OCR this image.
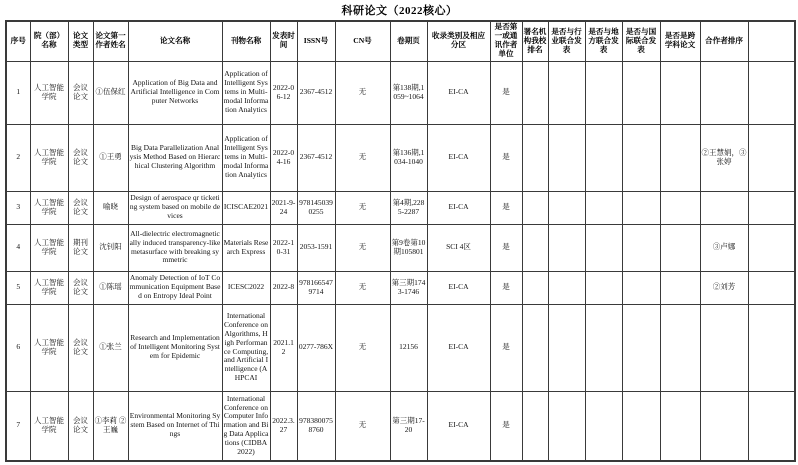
科研论文（2022核心）
序号	院（部）名称	论文类型	论文第一作者姓名	论文名称	刊物名称	发表时间	ISSN号	CN号	卷期页	收录类别及相应分区	是否第一或通讯作者单位	署名机构我校排名	是否与行业联合发表	是否与地方联合发表	是否与国际联合发表	是否是跨学科论文	合作者排序	
1	人工智能学院	会议论文	①伍保红	Application of Big Data and Artificial Intelligence in Computer Networks	Application of Intelligent Systems in Multi-modal Information Analytics	2022-06-12	2367-4512	无	第138期,1059~1064	EI-CA	是							
2	人工智能学院	会议论文	①王勇	Big Data Parallelization Analysis Method Based on Hierarchical Clustering Algorithm	Application of Intelligent Systems in Multi-modal Information Analytics	2022-04-16	2367-4512	无	第136期,1034-1040	EI-CA	是						②王慧娟，③张婷	
3	人工智能学院	会议论文	喻晓	Design of aerospace qr ticketing system based on mobile devices	ICISCAE2021	2021-9-24	9781450390255	无	第4期,2285-2287	EI-CA	是							
4	人工智能学院	期刊论文	沈钊阳	All-dielectric electromagnetically induced transparency-like metasurface with breaking symmetric	Materials Research Express	2022-10-31	2053-1591	无	第9卷第10期105801	SCI 4区	是						③卢娜	
5	人工智能学院	会议论文	①陈瑶	Anomaly Detection of IoT Communication Equipment Based on Entropy Ideal Point	ICESC2022	2022-8	9781665479714	无	第三期1743-1746	EI-CA	是						②刘芳	
6	人工智能学院	会议论文	①张兰	Research and Implementation of Intelligent Monitoring System for Epidemic	International Conference on Algorithms, High Performance Computing, and Artificial Intelligence (AHPCAI	2021.12	0277-786X	无	12156	EI-CA	是							
7	人工智能学院	会议论文	①李莉 ②王巍	Environmental Monitoring System Based on Internet of Things	International Conference on Computer Information and Big Data Applications (CIDBA 2022)	2022.3.27	9783800758760	无	第三期17-20	EI-CA	是							
